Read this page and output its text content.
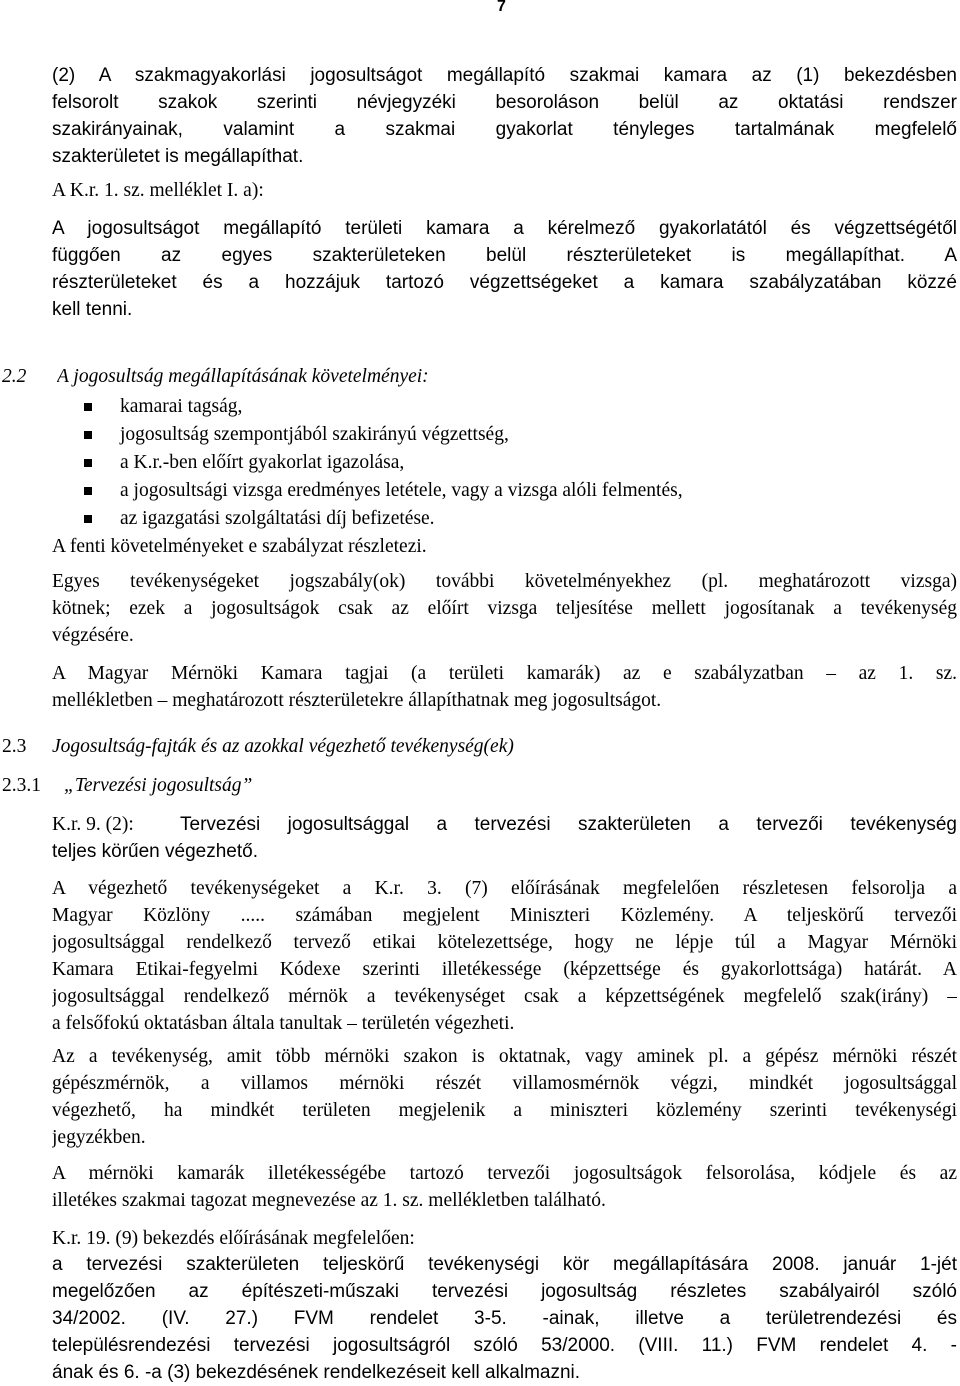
7
(2) A szakmagyakorlási jogosultságot megállapító szakmai kamara az (1) bekezdésben
felsorolt szakok szerinti névjegyzéki besoroláson belül az oktatási rendszer
szakirányainak, valamint a szakmai gyakorlat tényleges tartalmának megfelelő
szakterületet is megállapíthat.
A K.r. 1. sz. melléklet I. a):
A jogosultságot megállapító területi kamara a kérelmező gyakorlatától és végzettségétől
függően az egyes szakterületeken belül részterületeket is megállapíthat. A
részterületeket és a hozzájuk tartozó végzettségeket a kamara szabályzatában közzé
kell tenni.
2.2 A jogosultság megállapításának követelményei:
kamarai tagság,
jogosultság szempontjából szakirányú végzettség,
a K.r.-ben előírt gyakorlat igazolása,
a jogosultsági vizsga eredményes letétele, vagy a vizsga alóli felmentés,
az igazgatási szolgáltatási díj befizetése.
A fenti követelményeket e szabályzat részletezi.
Egyes tevékenységeket jogszabály(ok) további követelményekhez (pl. meghatározott vizsga)
kötnek; ezek a jogosultságok csak az előírt vizsga teljesítése mellett jogosítanak a tevékenység
végzésére.
A Magyar Mérnöki Kamara tagjai (a területi kamarák) az e szabályzatban – az 1. sz.
mellékletben – meghatározott részterületekre állapíthatnak meg jogosultságot.
2.3 Jogosultság-fajták és az azokkal végezhető tevékenység(ek)
2.3.1 „Tervezési jogosultság”
K.r. 9. (2): Tervezési jogosultsággal a tervezési szakterületen a tervezői tevékenység
teljes körűen végezhető.
A végezhető tevékenységeket a K.r. 3. (7) előírásának megfelelően részletesen felsorolja a
Magyar Közlöny ..... számában megjelent Miniszteri Közlemény. A teljeskörű tervezői
jogosultsággal rendelkező tervező etikai kötelezettsége, hogy ne lépje túl a Magyar Mérnöki
Kamara Etikai-fegyelmi Kódexe szerinti illetékessége (képzettsége és gyakorlottsága) határát. A
jogosultsággal rendelkező mérnök a tevékenységet csak a képzettségének megfelelő szak(irány) –
a felsőfokú oktatásban általa tanultak – területén végezheti.
Az a tevékenység, amit több mérnöki szakon is oktatnak, vagy aminek pl. a gépész mérnöki részét
gépészmérnök, a villamos mérnöki részét villamosmérnök végzi, mindkét jogosultsággal
végezhető, ha mindkét területen megjelenik a miniszteri közlemény szerinti tevékenységi
jegyzékben.
A mérnöki kamarák illetékességébe tartozó tervezői jogosultságok felsorolása, kódjele és az
illetékes szakmai tagozat megnevezése az 1. sz. mellékletben található.
K.r. 19. (9) bekezdés előírásának megfelelően:
a tervezési szakterületen teljeskörű tevékenységi kör megállapítására 2008. január 1-jét
megelőzően az építészeti-műszaki tervezési jogosultság részletes szabályairól szóló
34/2002. (IV. 27.) FVM rendelet 3-5. -ainak, illetve a területrendezési és
településrendezési tervezési jogosultságról szóló 53/2000. (VIII. 11.) FVM rendelet 4. -
ának és 6. -a (3) bekezdésének rendelkezéseit kell alkalmazni.
